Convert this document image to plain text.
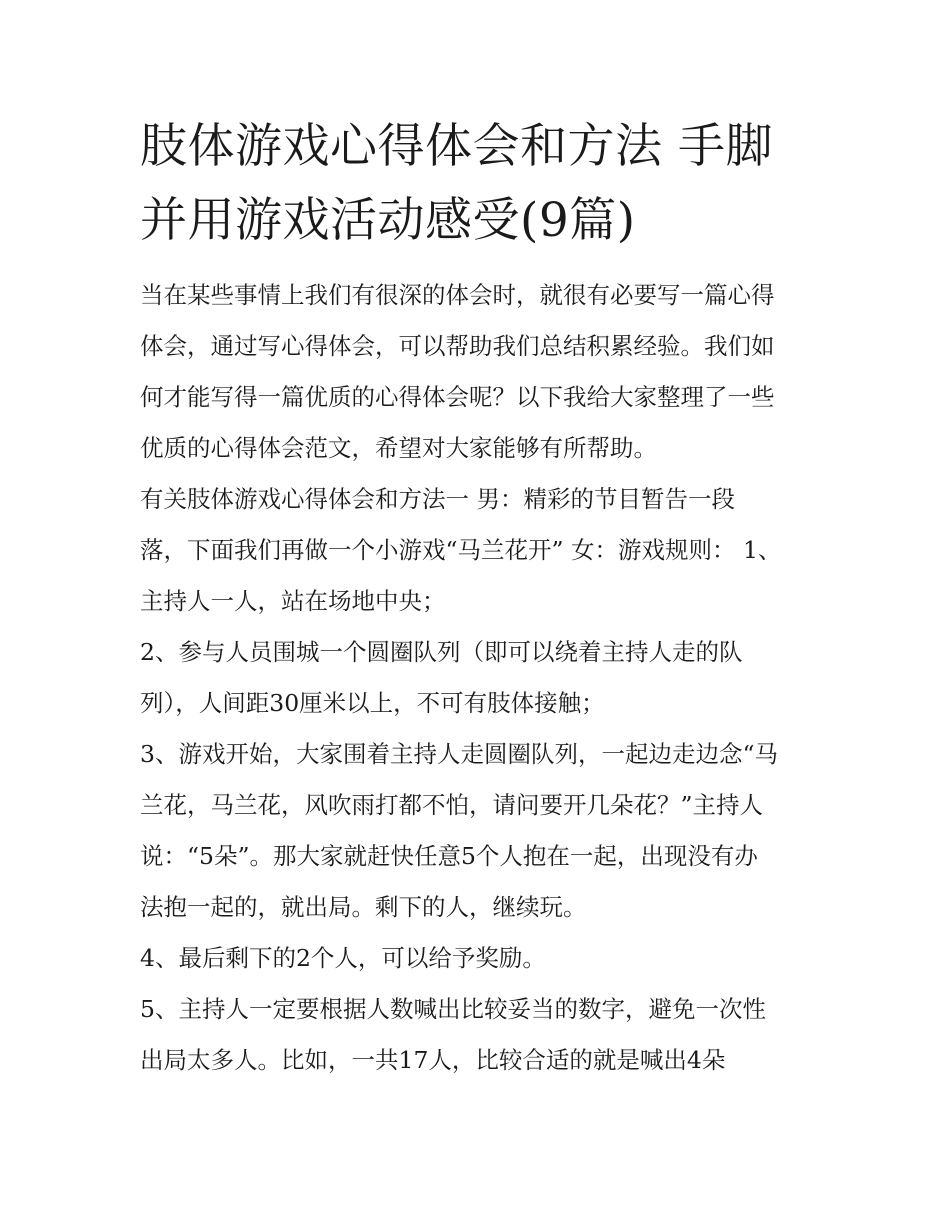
肢体游戏心得体会和方法 手脚
并用游戏活动感受(9篇)
当在某些事情上我们有很深的体会时，就很有必要写一篇心得
体会，通过写心得体会，可以帮助我们总结积累经验。我们如
何才能写得一篇优质的心得体会呢？以下我给大家整理了一些
优质的心得体会范文，希望对大家能够有所帮助。
有关肢体游戏心得体会和方法一 男：精彩的节目暂告一段
落，下面我们再做一个小游戏“马兰花开” 女：游戏规则： 1、
主持人一人，站在场地中央；
2、参与人员围城一个圆圈队列（即可以绕着主持人走的队
列），人间距30厘米以上，不可有肢体接触；
3、游戏开始，大家围着主持人走圆圈队列，一起边走边念“马
兰花，马兰花，风吹雨打都不怕，请问要开几朵花？”主持人
说：“5朵”。那大家就赶快任意5个人抱在一起，出现没有办
法抱一起的，就出局。剩下的人，继续玩。
4、最后剩下的2个人，可以给予奖励。
5、主持人一定要根据人数喊出比较妥当的数字，避免一次性
出局太多人。比如，一共17人，比较合适的就是喊出4朵
